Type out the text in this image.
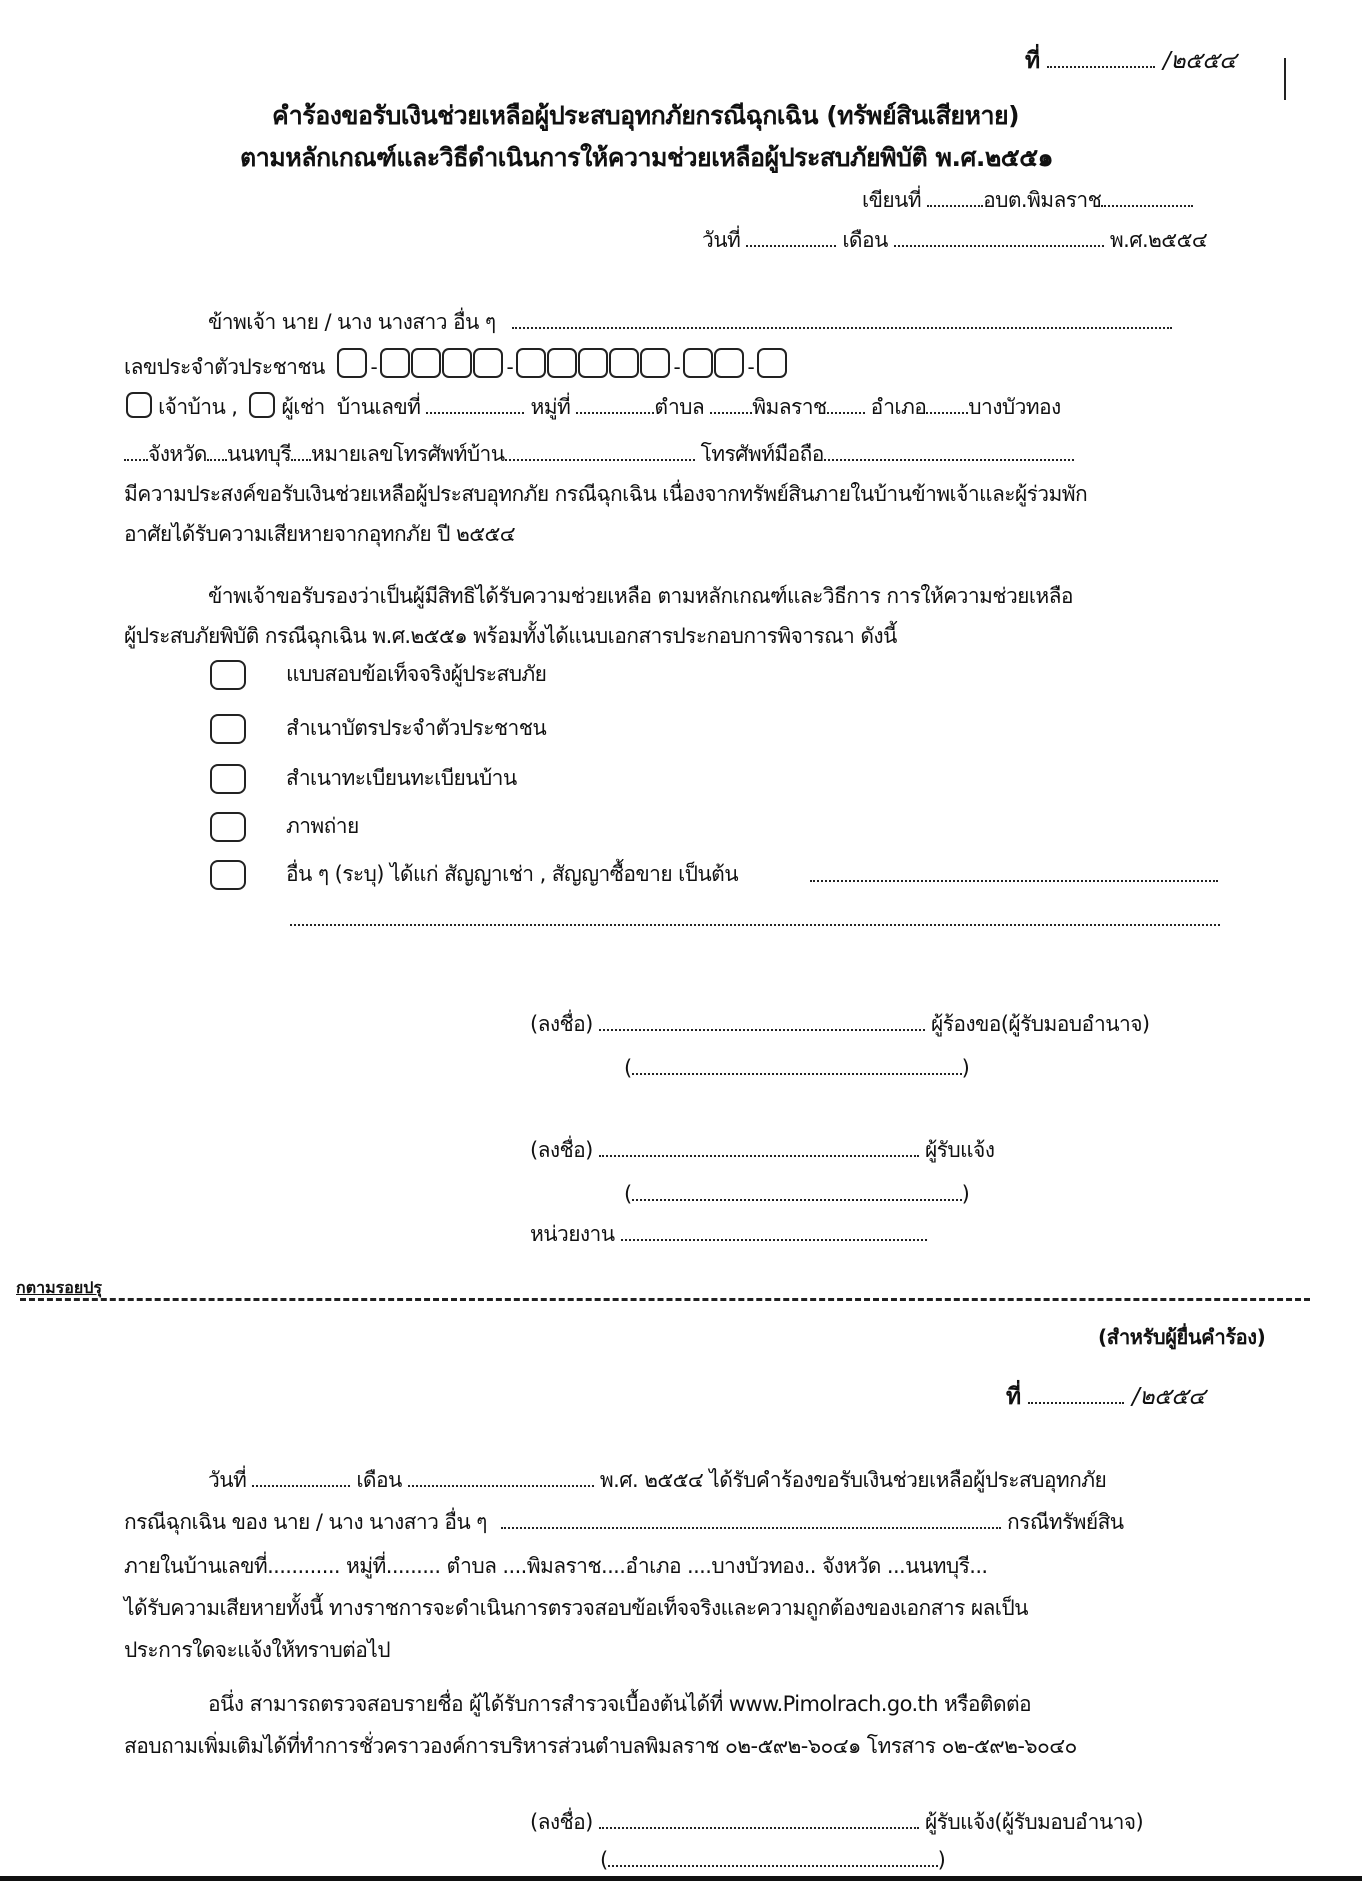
ที่	/๒๕๕๔
คำร้องขอรับเงินช่วยเหลือผู้ประสบอุทกภัยกรณีฉุกเฉิน (ทรัพย์สินเสียหาย)
ตามหลักเกณฑ์และวิธีดำเนินการให้ความช่วยเหลือผู้ประสบภัยพิบัติ พ.ศ.๒๕๕๑
เขียนที่	อบต.พิมลราช
วันที่	เดือน	พ.ศ.๒๕๕๔
ข้าพเจ้า นาย / นาง นางสาว อื่น ๆ
เลขประจำตัวประชาชน -	-	-	-
เจ้าบ้าน ,  ผู้เช่า บ้านเลขที่	หมู่ที่	ตำบล พิมลราช อำเภอ บางบัวทอง
จังหวัด นนทบุรี หมายเลขโทรศัพท์บ้าน	โทรศัพท์มือถือ
มีความประสงค์ขอรับเงินช่วยเหลือผู้ประสบอุทกภัย กรณีฉุกเฉิน เนื่องจากทรัพย์สินภายในบ้านข้าพเจ้าและผู้ร่วมพัก
อาศัยได้รับความเสียหายจากอุทกภัย ปี ๒๕๕๔
ข้าพเจ้าขอรับรองว่าเป็นผู้มีสิทธิได้รับความช่วยเหลือ ตามหลักเกณฑ์และวิธีการ การให้ความช่วยเหลือ
ผู้ประสบภัยพิบัติ กรณีฉุกเฉิน พ.ศ.๒๕๕๑ พร้อมทั้งได้แนบเอกสารประกอบการพิจารณา ดังนี้
แบบสอบข้อเท็จจริงผู้ประสบภัย
สำเนาบัตรประจำตัวประชาชน
สำเนาทะเบียนทะเบียนบ้าน
ภาพถ่าย
อื่น ๆ (ระบุ) ได้แก่ สัญญาเช่า , สัญญาซื้อขาย เป็นต้น
(ลงชื่อ)	ผู้ร้องขอ(ผู้รับมอบอำนาจ)
(	)
(ลงชื่อ)	ผู้รับแจ้ง
(	)
หน่วยงาน
กตามรอยปรุ
(สำหรับผู้ยื่นคำร้อง)
ที่	/๒๕๕๔
วันที่	เดือน	พ.ศ. ๒๕๕๔ ได้รับคำร้องขอรับเงินช่วยเหลือผู้ประสบอุทกภัย
กรณีฉุกเฉิน ของ นาย / นาง นางสาว อื่น ๆ	กรณีทรัพย์สิน
ภายในบ้านเลขที่............ หมู่ที่......... ตำบล ....พิมลราช....อำเภอ ....บางบัวทอง.. จังหวัด ...นนทบุรี...
ได้รับความเสียหายทั้งนี้ ทางราชการจะดำเนินการตรวจสอบข้อเท็จจริงและความถูกต้องของเอกสาร ผลเป็น
ประการใดจะแจ้งให้ทราบต่อไป
อนึ่ง สามารถตรวจสอบรายชื่อ ผู้ได้รับการสำรวจเบื้องต้นได้ที่ www.Pimolrach.go.th หรือติดต่อ
สอบถามเพิ่มเติมได้ที่ทำการชั่วคราวองค์การบริหารส่วนตำบลพิมลราช ๐๒-๕๙๒-๖๐๔๑ โทรสาร ๐๒-๕๙๒-๖๐๔๐
(ลงชื่อ)	ผู้รับแจ้ง(ผู้รับมอบอำนาจ)
(	)
